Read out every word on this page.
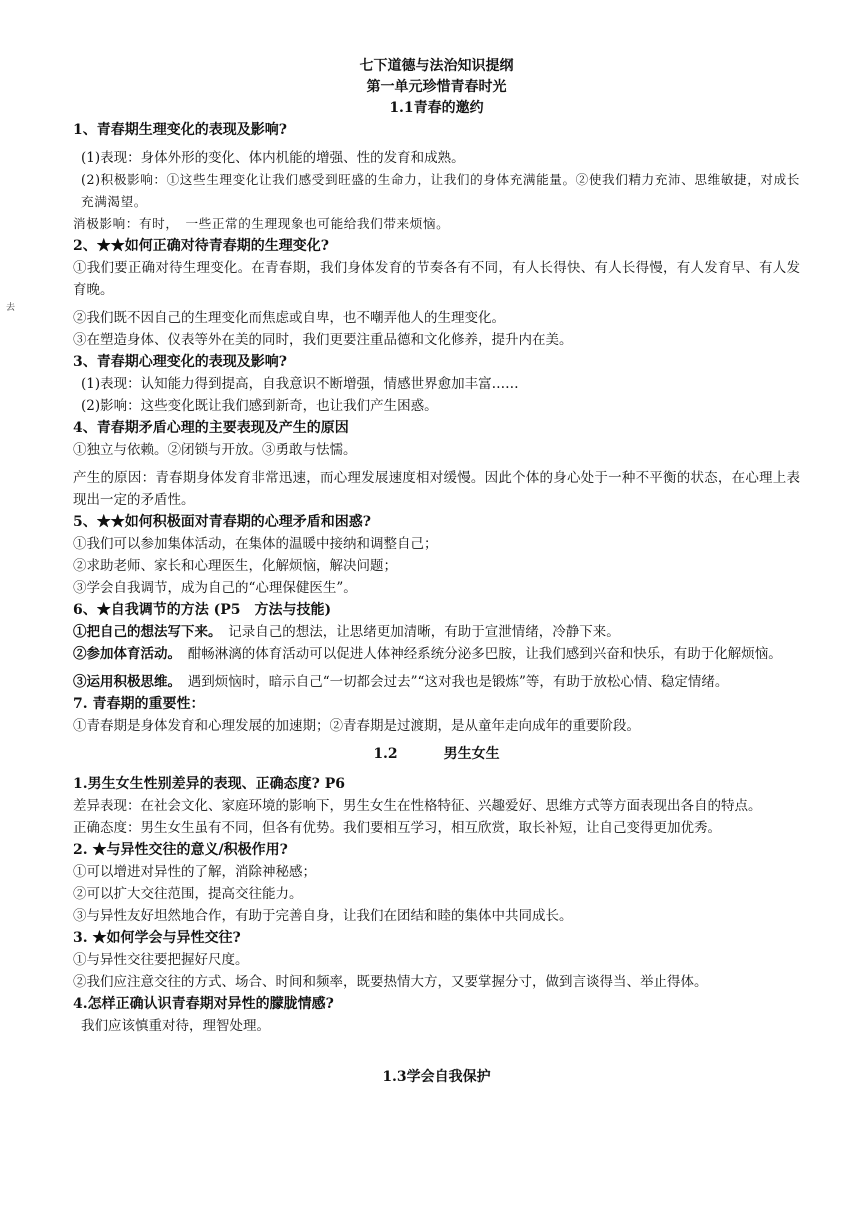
去
七下道德与法治知识提纲
第一单元珍惜青春时光
1.1青春的邀约
1、青春期生理变化的表现及影响?

(1)表现：身体外形的变化、体内机能的增强、性的发育和成熟。

(2)积极影响：①这些生理变化让我们感受到旺盛的生命力，让我们的身体充满能量。②使我们精力充沛、思维敏捷，对成长充满渴望。

消极影响：有时，　一些正常的生理现象也可能给我们带来烦恼。

2、★★如何正确对待青春期的生理变化?

①我们要正确对待生理变化。在青春期，我们身体发育的节奏各有不同，有人长得快、有人长得慢，有人发育早、有人发育晚。

②我们既不因自己的生理变化而焦虑或自卑，也不嘲弄他人的生理变化。

③在塑造身体、仪表等外在美的同时，我们更要注重品德和文化修养，提升内在美。

3、青春期心理变化的表现及影响?

(1)表现：认知能力得到提高，自我意识不断增强，情感世界愈加丰富……

(2)影响：这些变化既让我们感到新奇，也让我们产生困惑。

4、青春期矛盾心理的主要表现及产生的原因

①独立与依赖。②闭锁与开放。③勇敢与怯懦。

产生的原因：青春期身体发育非常迅速，而心理发展速度相对缓慢。因此个体的身心处于一种不平衡的状态，在心理上表现出一定的矛盾性。

5、★★如何积极面对青春期的心理矛盾和困惑?

①我们可以参加集体活动，在集体的温暖中接纳和调整自己；

②求助老师、家长和心理医生，化解烦恼，解决问题；

③学会自我调节，成为自己的“心理保健医生”。

6、★自我调节的方法 (P5　方法与技能)

①把自己的想法写下来。　记录自己的想法，让思绪更加清晰，有助于宣泄情绪，冷静下来。

②参加体育活动。　酣畅淋漓的体育活动可以促进人体神经系统分泌多巴胺，让我们感到兴奋和快乐，有助于化解烦恼。

③运用积极思维。　遇到烦恼时，暗示自己“一切都会过去”“这对我也是锻炼”等，有助于放松心情、稳定情绪。

7. 青春期的重要性：

①青春期是身体发育和心理发展的加速期；②青春期是过渡期，是从童年走向成年的重要阶段。

1.2	男生女生
1.男生女生性别差异的表现、正确态度? P6

差异表现：在社会文化、家庭环境的影响下，男生女生在性格特征、兴趣爱好、思维方式等方面表现出各自的特点。

正确态度：男生女生虽有不同，但各有优势。我们要相互学习，相互欣赏，取长补短，让自己变得更加优秀。

2. ★与异性交往的意义/积极作用?

①可以增进对异性的了解，消除神秘感；

②可以扩大交往范围，提高交往能力。

③与异性友好坦然地合作，有助于完善自身，让我们在团结和睦的集体中共同成长。

3. ★如何学会与异性交往?

①与异性交往要把握好尺度。

②我们应注意交往的方式、场合、时间和频率，既要热情大方，又要掌握分寸，做到言谈得当、举止得体。

4.怎样正确认识青春期对异性的朦胧情感?

我们应该慎重对待，理智处理。

1.3学会自我保护
